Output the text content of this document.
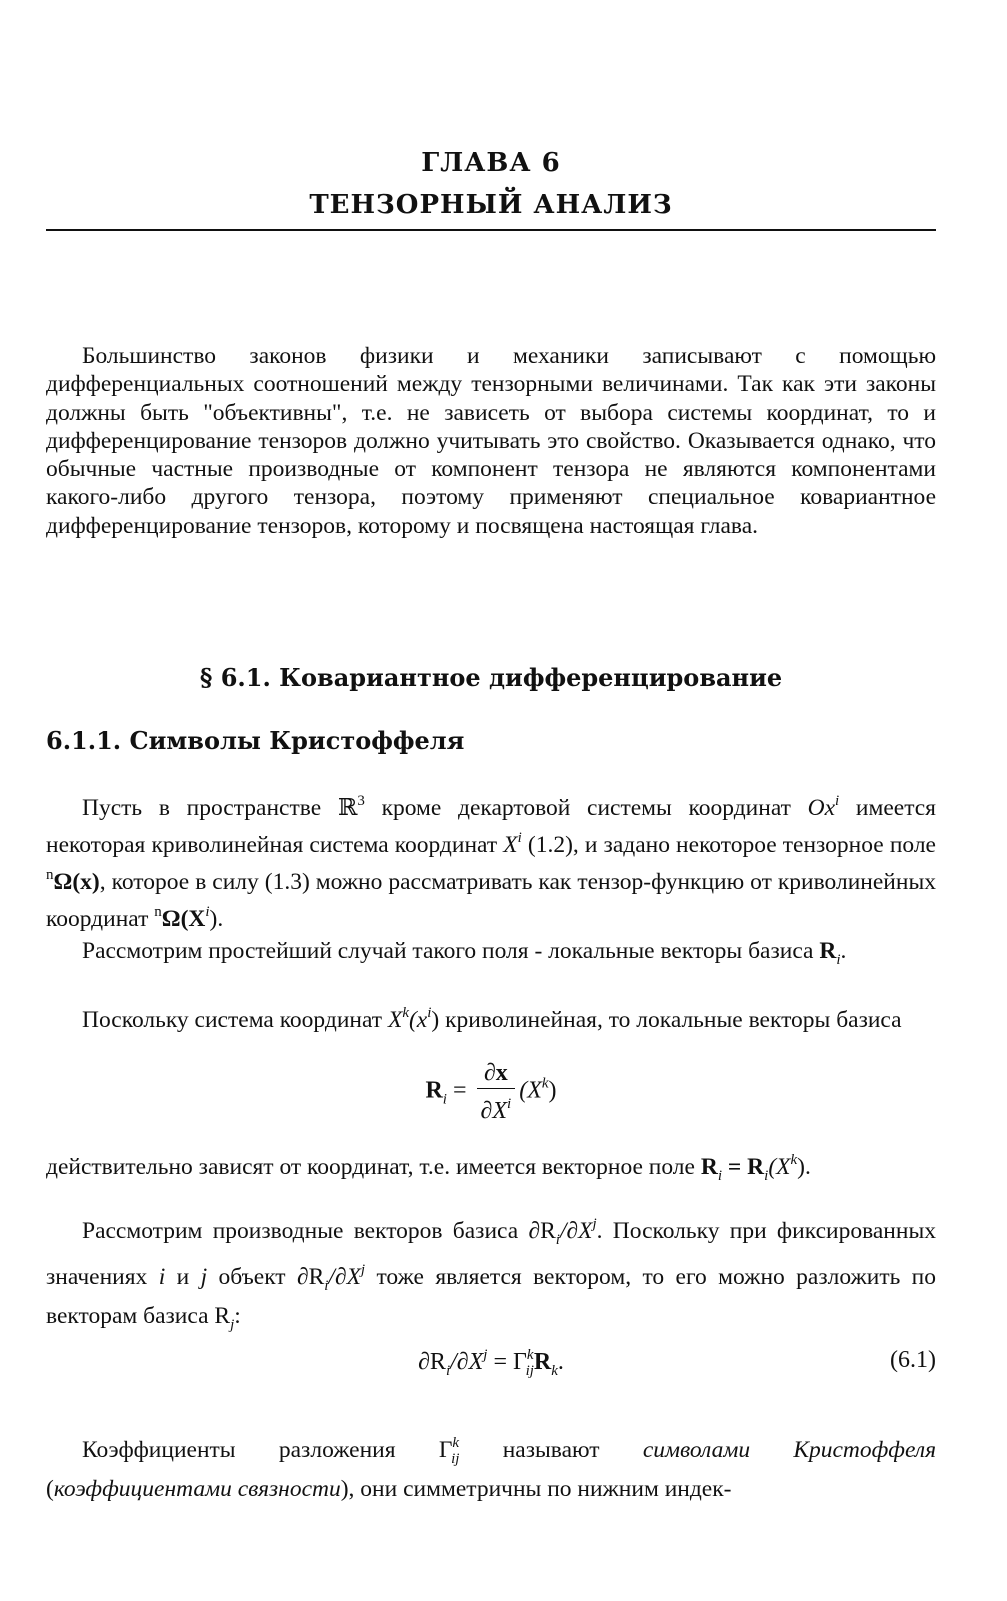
ГЛАВА 6
ТЕНЗОРНЫЙ АНАЛИЗ

Большинство законов физики и механики записывают с помощью дифференциальных соотношений между тензорными величинами. Так как эти законы должны быть "объективны", т.е. не зависеть от выбора системы координат, то и дифференцирование тензоров должно учитывать это свойство. Оказывается однако, что обычные частные производные от компонент тензора не являются компонентами какого-либо другого тензора, поэтому применяют специальное ковариантное дифференцирование тензоров, которому и посвящена настоящая глава.

§ 6.1. Ковариантное дифференцирование
6.1.1. Символы Кристоффеля

Пусть в пространстве ℝ$^3$ кроме декартовой системы координат Ox$^i$ имеется некоторая криволинейная система координат $X^i$ (1.2), и задано некоторое тензорное поле $^n$Ω(x), которое в силу (1.3) можно рассматривать как тензор-функцию от криволинейных координат $^n\Omega(X^i)$.

Рассмотрим простейший случай такого поля - локальные векторы базиса $R_i$.

Поскольку система координат $X^k(x^i)$ криволинейная, то локальные векторы базиса

$R_i = \frac{\partial x}{\partial X^i} (X^k)$

действительно зависят от координат, т.е. имеется векторное поле $R_i = R_i(X^k)$.

Рассмотрим производные векторов базиса $\partial R_i/\partial X^j$. Поскольку при фиксированных значениях i и j объект $\partial R_i/\partial X^j$ тоже является вектором, то его можно разложить по векторам базиса $R_j$:

$\partial R_i/\partial X^j = \Gamma^k_{ij}R_k$.	(6.1)

Коэффициенты разложения $\Gamma^k_{ij}$ называют символами Кристоффеля (коэффициентами связности), они симметричны по нижним индек-
